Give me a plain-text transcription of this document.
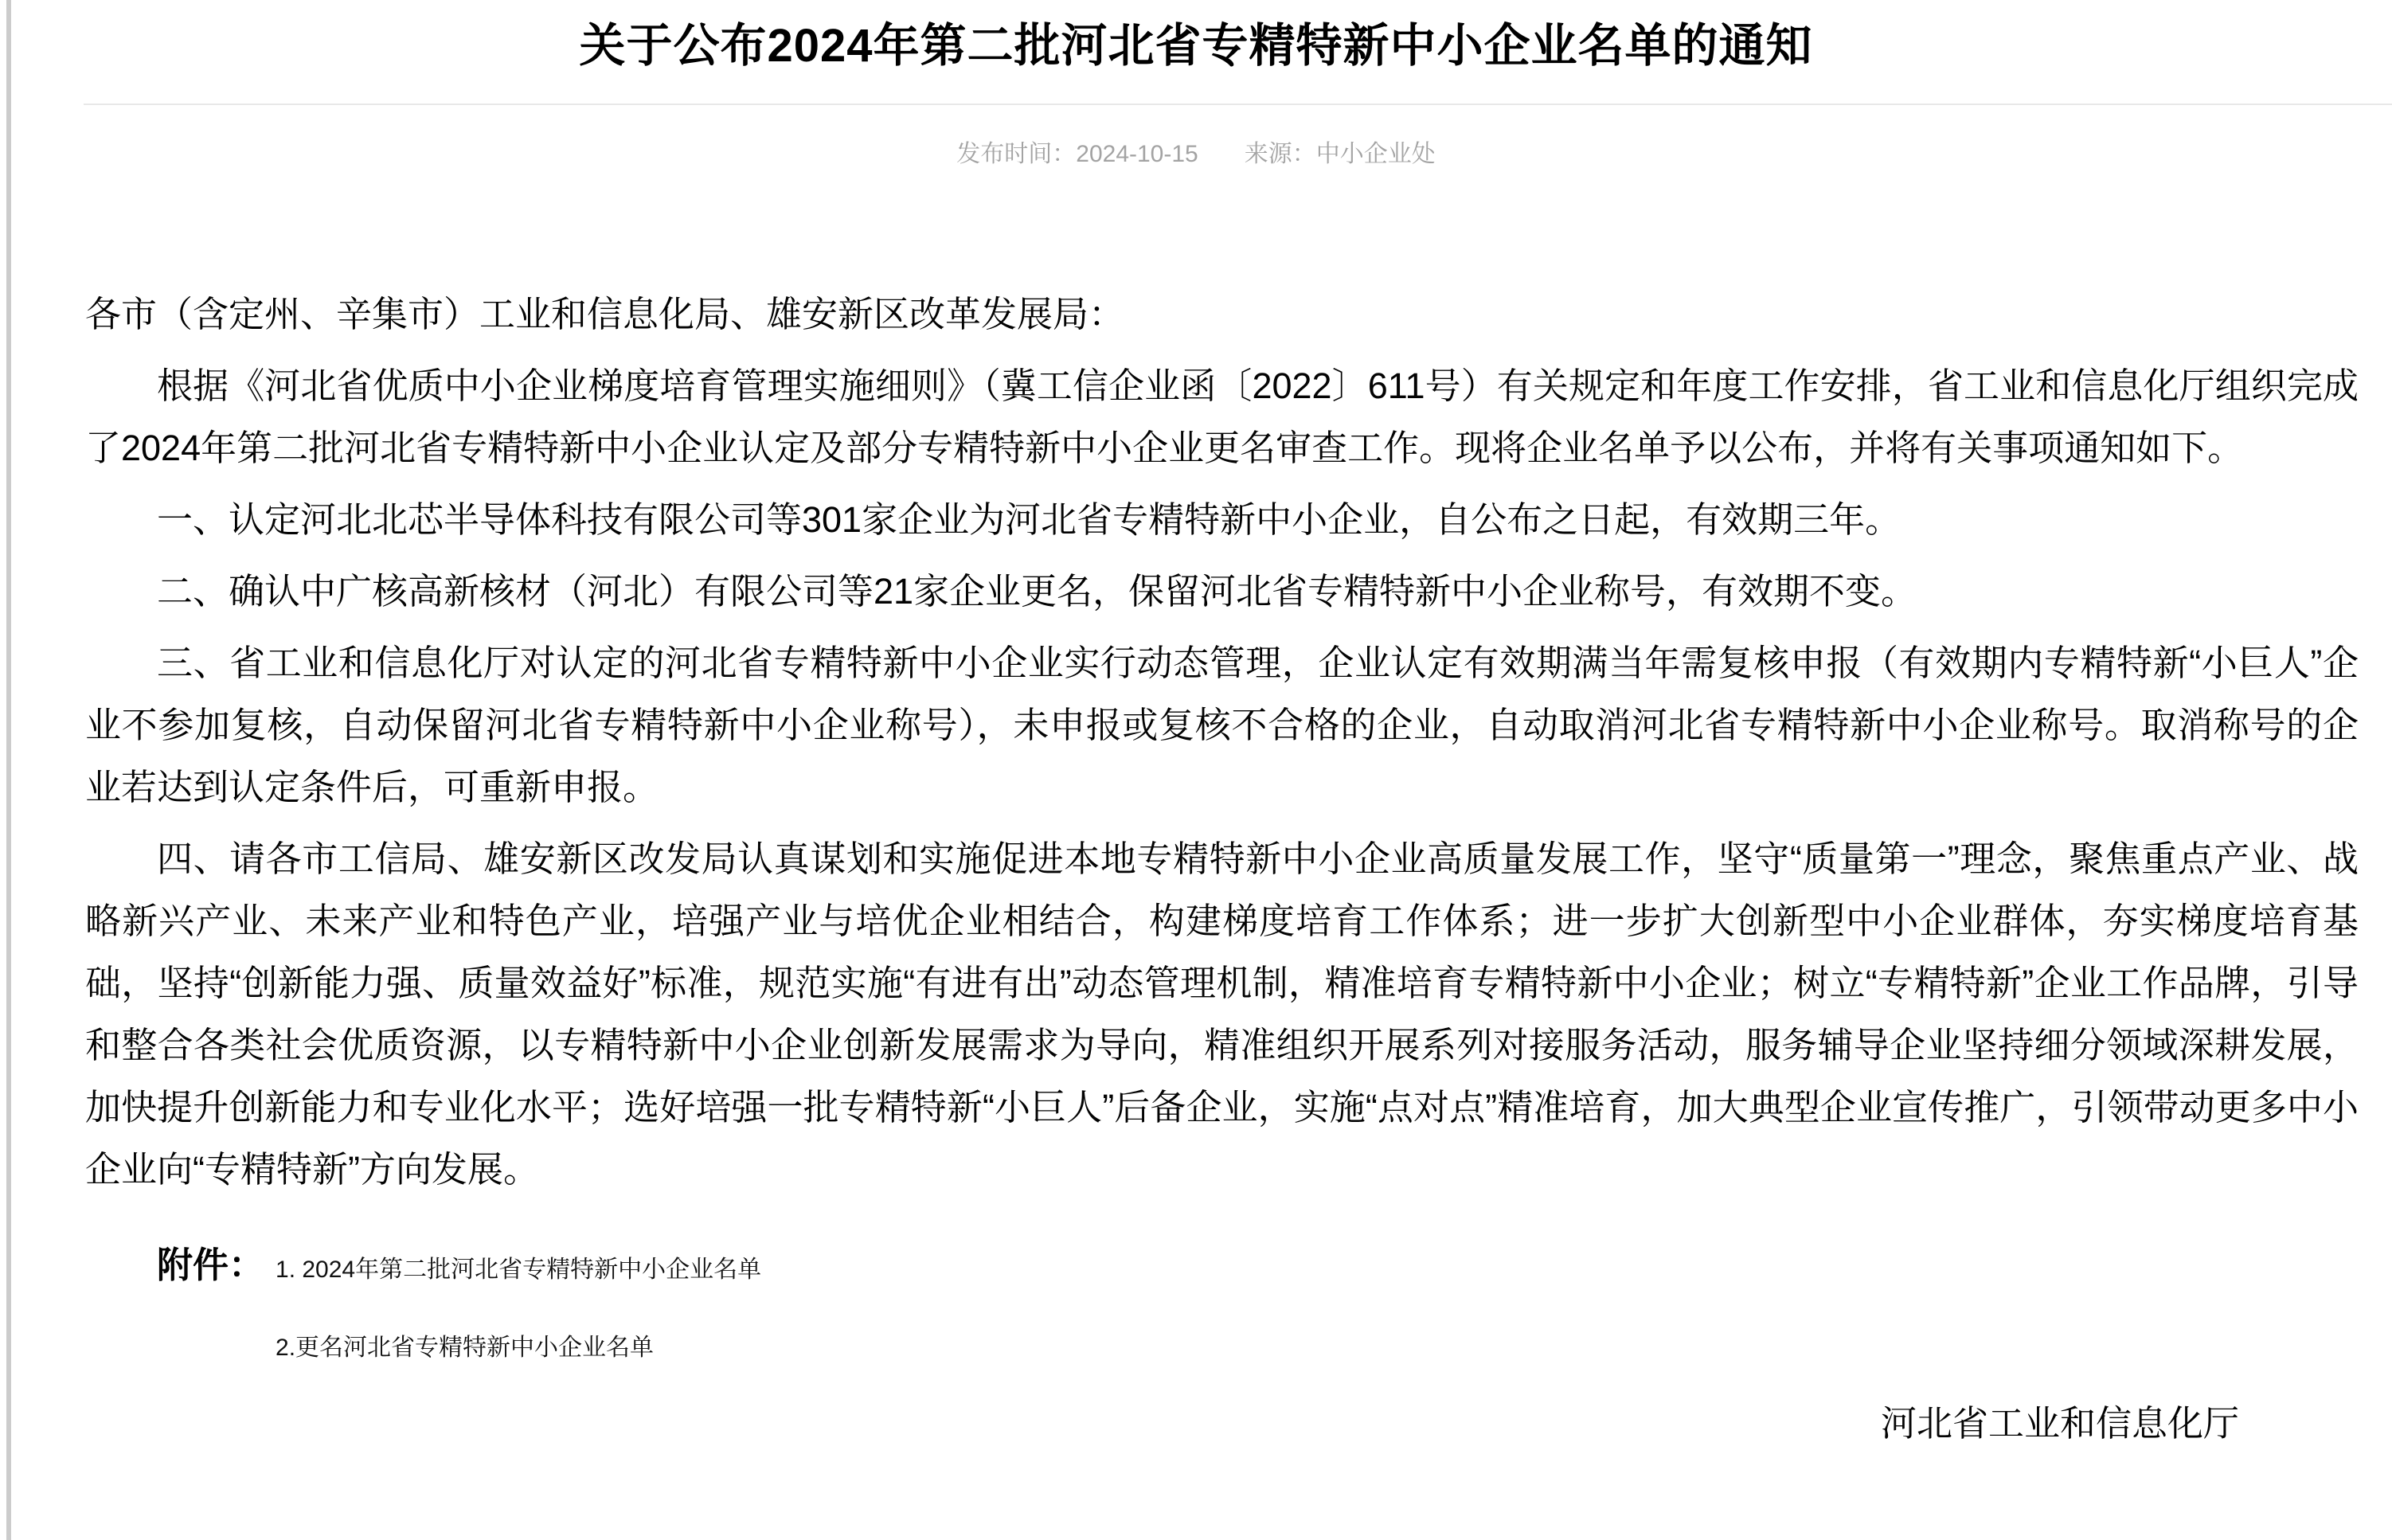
关于公布2024年第二批河北省专精特新中小企业名单的通知
发布时间：2024-10-15 来源：中小企业处

各市（含定州、辛集市）工业和信息化局、雄安新区改革发展局：

根据《河北省优质中小企业梯度培育管理实施细则》（冀工信企业函〔2022〕611号）有关规定和年度工作安排，省工业和信息化厅组织完成了2024年第二批河北省专精特新中小企业认定及部分专精特新中小企业更名审查工作。现将企业名单予以公布，并将有关事项通知如下。

一、认定河北北芯半导体科技有限公司等301家企业为河北省专精特新中小企业，自公布之日起，有效期三年。

二、确认中广核高新核材（河北）有限公司等21家企业更名，保留河北省专精特新中小企业称号，有效期不变。

三、省工业和信息化厅对认定的河北省专精特新中小企业实行动态管理，企业认定有效期满当年需复核申报（有效期内专精特新“小巨人”企业不参加复核，自动保留河北省专精特新中小企业称号），未申报或复核不合格的企业，自动取消河北省专精特新中小企业称号。取消称号的企业若达到认定条件后，可重新申报。

四、请各市工信局、雄安新区改发局认真谋划和实施促进本地专精特新中小企业高质量发展工作，坚守“质量第一”理念，聚焦重点产业、战略新兴产业、未来产业和特色产业，培强产业与培优企业相结合，构建梯度培育工作体系；进一步扩大创新型中小企业群体，夯实梯度培育基础，坚持“创新能力强、质量效益好”标准，规范实施“有进有出”动态管理机制，精准培育专精特新中小企业；树立“专精特新”企业工作品牌，引导和整合各类社会优质资源，以专精特新中小企业创新发展需求为导向，精准组织开展系列对接服务活动，服务辅导企业坚持细分领域深耕发展，加快提升创新能力和专业化水平；选好培强一批专精特新“小巨人”后备企业，实施“点对点”精准培育，加大典型企业宣传推广，引领带动更多中小企业向“专精特新”方向发展。

附件： 1. 2024年第二批河北省专精特新中小企业名单
2.更名河北省专精特新中小企业名单
河北省工业和信息化厅
